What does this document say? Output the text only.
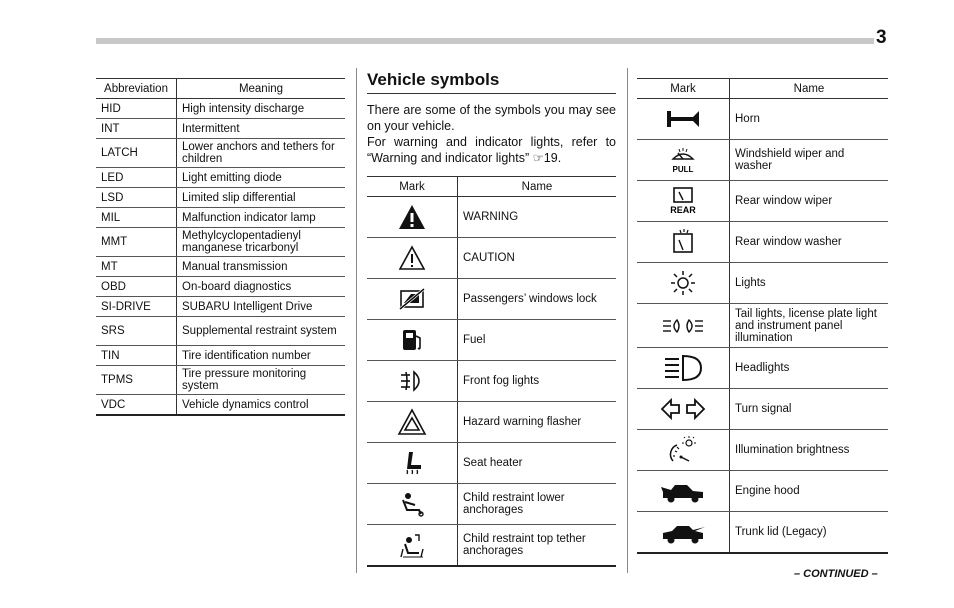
3
Abbreviation	Meaning
HID	High intensity discharge
INT	Intermittent
LATCH	Lower anchors and tethers for children
LED	Light emitting diode
LSD	Limited slip differential
MIL	Malfunction indicator lamp
MMT	Methylcyclopentadienyl manganese tricarbonyl
MT	Manual transmission
OBD	On-board diagnostics
SI-DRIVE	SUBARU Intelligent Drive
SRS	Supplemental restraint system
TIN	Tire identification number
TPMS	Tire pressure monitoring system
VDC	Vehicle dynamics control
Vehicle symbols
There are some of the symbols you may see on your vehicle.
For warning and indicator lights, refer to “Warning and indicator lights” ☞19.
Mark	Name

	WARNING

	CAUTION

	Passengers’ windows lock

	Fuel

	Front fog lights

	Hazard warning flasher

	Seat heater

	Child restraint lower anchorages

	Child restraint top tether anchorages
Mark	Name

	Horn

PULL	Windshield wiper and washer

REAR	Rear window wiper

	Rear window washer

	Lights

	Tail lights, license plate light and instrument panel illumination

	Headlights

	Turn signal

	Illumination brightness

	Engine hood

	Trunk lid (Legacy)
– CONTINUED –
